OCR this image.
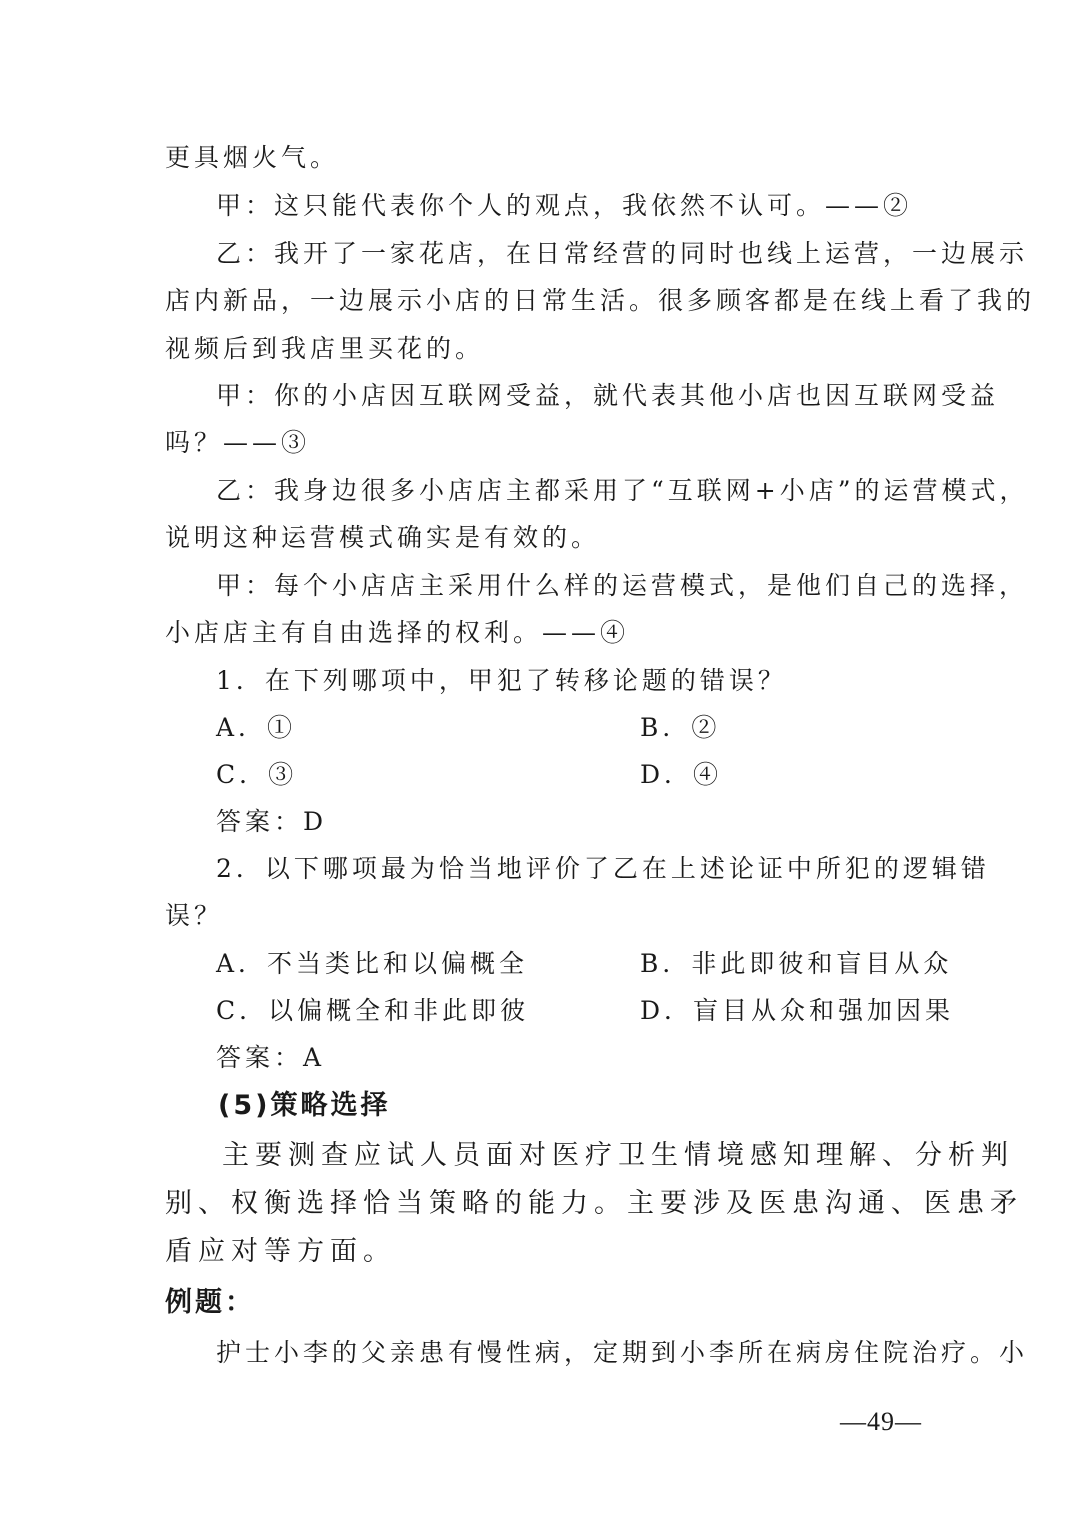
更具烟火气。
甲：这只能代表你个人的观点，我依然不认可。——②
乙：我开了一家花店，在日常经营的同时也线上运营，一边展示
店内新品，一边展示小店的日常生活。很多顾客都是在线上看了我的
视频后到我店里买花的。
甲：你的小店因互联网受益，就代表其他小店也因互联网受益
吗？——③
乙：我身边很多小店店主都采用了“互联网+小店”的运营模式，
说明这种运营模式确实是有效的。
甲：每个小店店主采用什么样的运营模式，是他们自己的选择，
小店店主有自由选择的权利。——④
1．在下列哪项中，甲犯了转移论题的错误？
A．①	B．②
C．③	D．④
答案：D
2．以下哪项最为恰当地评价了乙在上述论证中所犯的逻辑错
误？
A．不当类比和以偏概全	B．非此即彼和盲目从众
C．以偏概全和非此即彼	D．盲目从众和强加因果
答案：A
(5)策略选择
主要测查应试人员面对医疗卫生情境感知理解、分析判
别、权衡选择恰当策略的能力。主要涉及医患沟通、医患矛
盾应对等方面。
例题：
护士小李的父亲患有慢性病，定期到小李所在病房住院治疗。小
—49—
